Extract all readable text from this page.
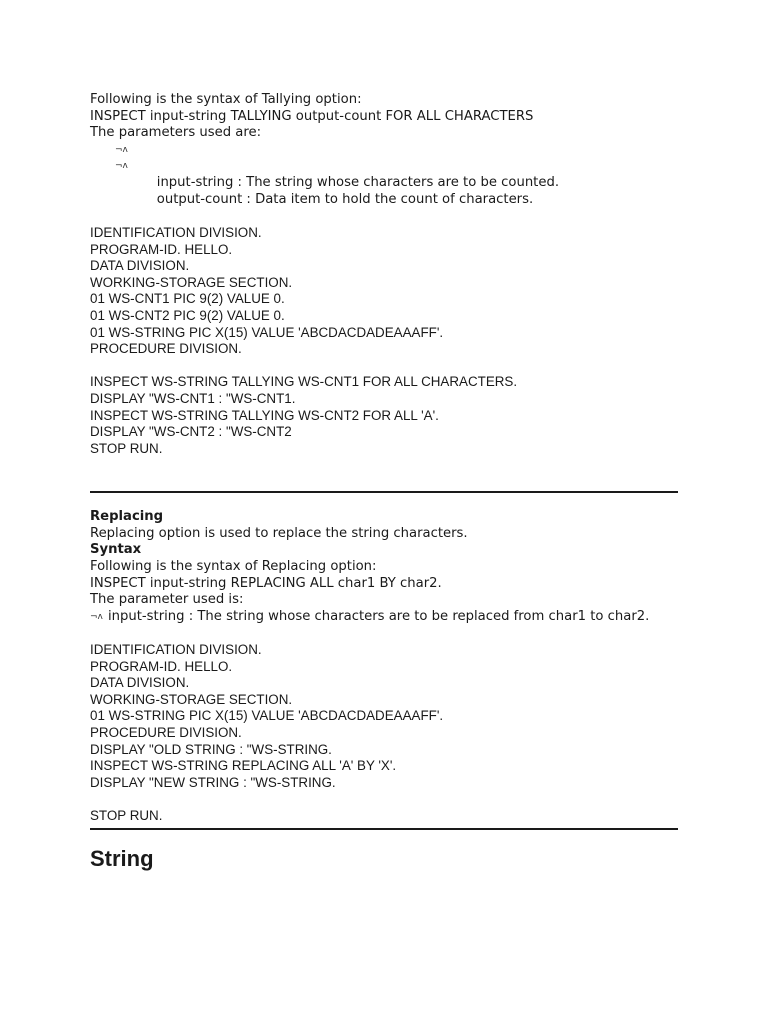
Following is the syntax of Tallying option:
INSPECT input-string TALLYING output-count FOR ALL CHARACTERS
The parameters used are:

¬ᴧ

input-string : The string whose characters are to be counted.

¬ᴧ

output-count : Data item to hold the count of characters.

IDENTIFICATION DIVISION.
PROGRAM-ID. HELLO.
DATA DIVISION.
WORKING-STORAGE SECTION.
01 WS-CNT1 PIC 9(2) VALUE 0.
01 WS-CNT2 PIC 9(2) VALUE 0.
01 WS-STRING PIC X(15) VALUE 'ABCDACDADEAAAFF'.
PROCEDURE DIVISION.
INSPECT WS-STRING TALLYING WS-CNT1 FOR ALL CHARACTERS.
DISPLAY "WS-CNT1 : "WS-CNT1.
INSPECT WS-STRING TALLYING WS-CNT2 FOR ALL 'A'.
DISPLAY "WS-CNT2 : "WS-CNT2
STOP RUN.
Replacing
Replacing option is used to replace the string characters.
Syntax
Following is the syntax of Replacing option:
INSPECT input-string REPLACING ALL char1 BY char2.
The parameter used is:
¬ᴧ input-string : The string whose characters are to be replaced from char1 to char2.
IDENTIFICATION DIVISION.
PROGRAM-ID. HELLO.
DATA DIVISION.
WORKING-STORAGE SECTION.
01 WS-STRING PIC X(15) VALUE 'ABCDACDADEAAAFF'.
PROCEDURE DIVISION.
DISPLAY "OLD STRING : "WS-STRING.
INSPECT WS-STRING REPLACING ALL 'A' BY 'X'.
DISPLAY "NEW STRING : "WS-STRING.
STOP RUN.
String
